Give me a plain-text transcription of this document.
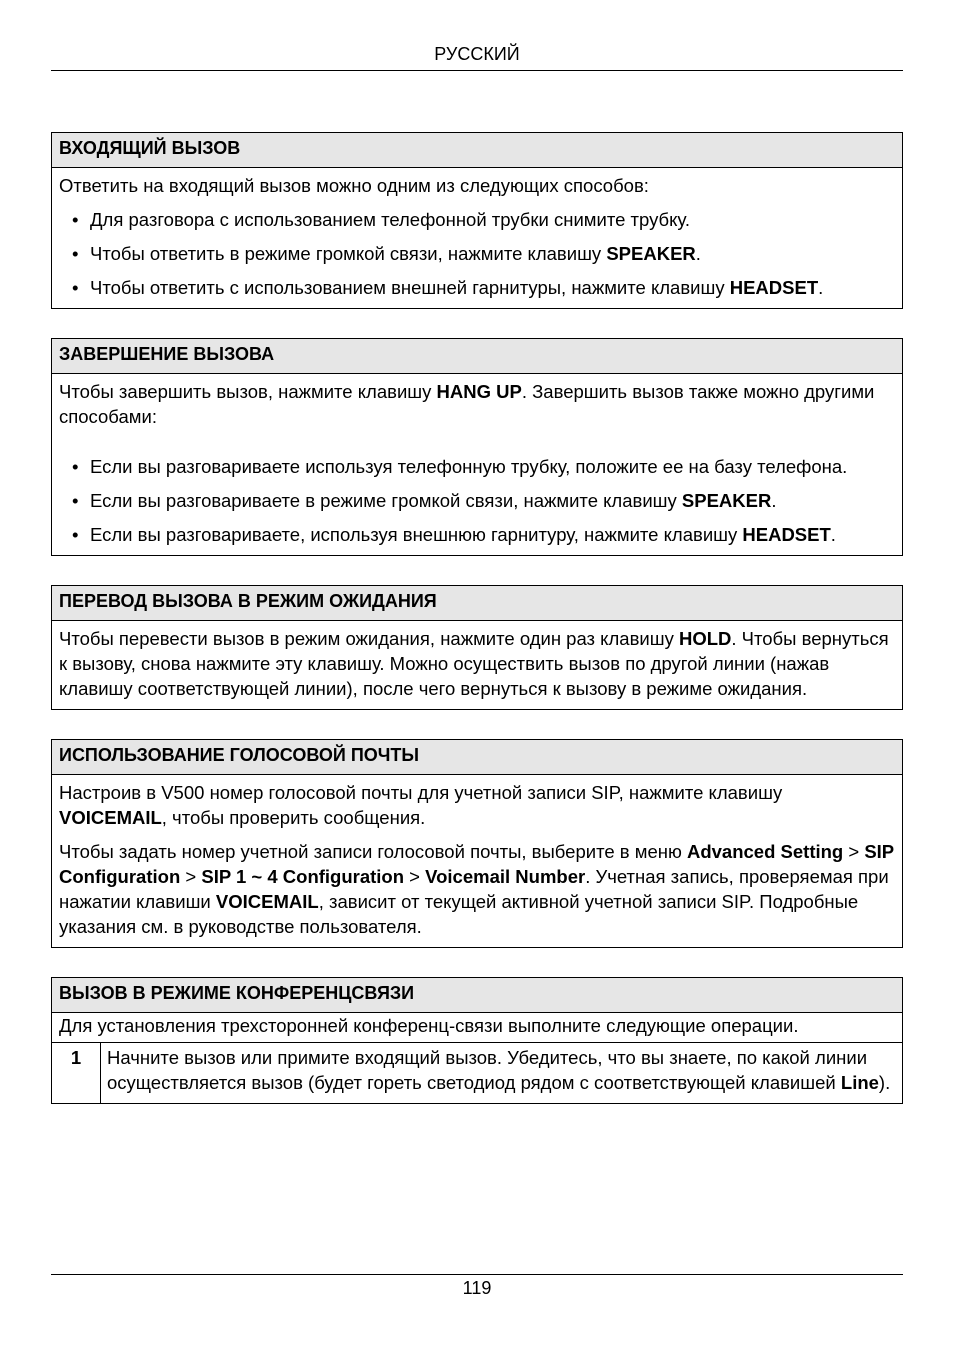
РУССКИЙ
ВХОДЯЩИЙ ВЫЗОВ

Ответить на входящий вызов можно одним из следующих способов:

• Для разговора с использованием телефонной трубки снимите трубку.
• Чтобы ответить в режиме громкой связи, нажмите клавишу SPEAKER.
• Чтобы ответить с использованием внешней гарнитуры, нажмите клавишу HEADSET.
ЗАВЕРШЕНИЕ ВЫЗОВА

Чтобы завершить вызов, нажмите клавишу HANG UP. Завершить вызов также можно другими способами:

• Если вы разговариваете используя телефонную трубку, положите ее на базу телефона.
• Если вы разговариваете в режиме громкой связи, нажмите клавишу SPEAKER.
• Если вы разговариваете, используя внешнюю гарнитуру, нажмите клавишу HEADSET.
ПЕРЕВОД ВЫЗОВА В РЕЖИМ ОЖИДАНИЯ

Чтобы перевести вызов в режим ожидания, нажмите один раз клавишу HOLD. Чтобы вернуться к вызову, снова нажмите эту клавишу. Можно осуществить вызов по другой линии (нажав клавишу соответствующей линии), после чего вернуться к вызову в режиме ожидания.

ИСПОЛЬЗОВАНИЕ ГОЛОСОВОЙ ПОЧТЫ

Настроив в V500 номер голосовой почты для учетной записи SIP, нажмите клавишу VOICEMAIL, чтобы проверить сообщения.

Чтобы задать номер учетной записи голосовой почты, выберите в меню Advanced Setting > SIP Configuration > SIP 1 ~ 4 Configuration > Voicemail Number. Учетная запись, проверяемая при нажатии клавиши VOICEMAIL, зависит от текущей активной учетной записи SIP. Подробные указания см. в руководстве пользователя.

ВЫЗОВ В РЕЖИМЕ КОНФЕРЕНЦСВЯЗИ
Для установления трехсторонней конференц-связи выполните следующие операции.
1	Начните вызов или примите входящий вызов. Убедитесь, что вы знаете, по какой линии осуществляется вызов (будет гореть светодиод рядом с соответствующей клавишей Line).
119
